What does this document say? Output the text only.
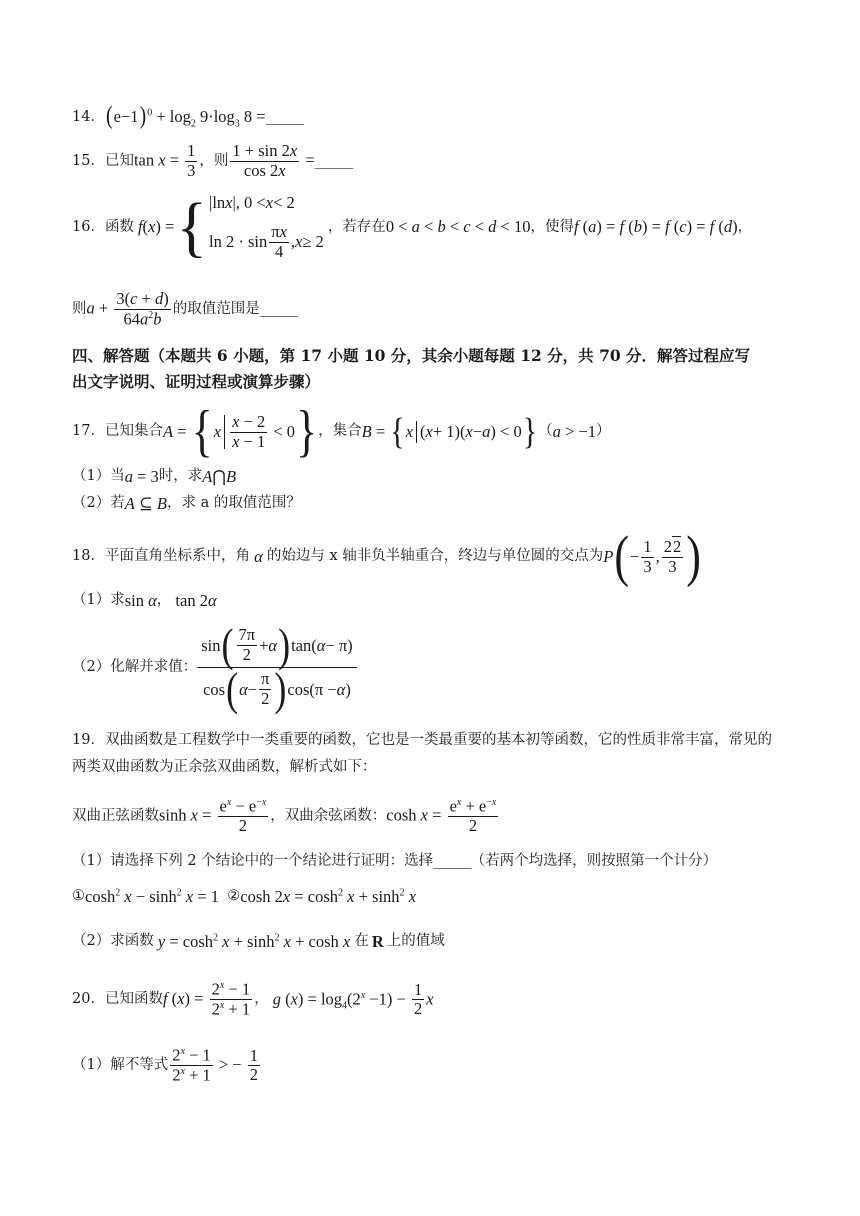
14． $(e-1)^0 + \log_2 9\cdot\log_3$ 8 = ______
15． 已知 $\tan x = \frac{1}{3}$ ，则 $\frac{1 + \sin 2x}{\cos 2x}$ = ______
16． 函数 f ( x ) = { |ln x |, 0 < x < 2
$\ln 2 \cdot \sin \frac{\pi x}{4}$ , x ≥ 2
，若存在 0 < a < b < c < d < 10 ，使得 f (a) = f (b) = f (c) = f (d) ，
则 $a + \frac{3(c + d)}{64a^2b}$ 的取值范围是 ______
四、解答题（本题共 6 小题，第 17 小题 10 分，其余小题每题 12 分，共 70 分．解答过程应写
出文字说明、证明过程或演算步骤）
17． 已知集合 A = { x $\frac{x - 2}{x - 1} < 0$ } ，集合 B = { x ( x + 1)( x − a ) < 0 } （ a > −1 ）
（1）当 a = 3 时，求 A⋂B
（2）若 A ⊆ B ，求 a 的取值范围？
18． 平面直角坐标系中，角 α 的始边与 x 轴非负半轴重合，终边与单位圆的交点为 P ( − $\frac{1}{3}$ , $\frac{22}{3}$ )
（1）求 sin α ， tan 2α
（2）化解并求值：
sin ( $\frac{7\pi}{2} + \alpha$ ) tan( α − π)
cos ( $\alpha - \frac{\pi}{2}$ ) cos(π − α )
19．双曲函数是工程数学中一类重要的函数，它也是一类最重要的基本初等函数，它的性质非常丰富，常见的
两类双曲函数为正余弦双曲函数，解析式如下：
双曲正弦函数 $\sinh x = \frac{e^x - e^{-x}}{2}$ ，双曲余弦函数： $\cosh x = \frac{e^x + e^{-x}}{2}$
（1）请选择下列 2 个结论中的一个结论进行证明：选择 ______ （若两个均选择，则按照第一个计分）
① $\cosh^2 x - \sinh^2 x = 1$ ② $\cosh 2x = \cosh^2 x + \sinh^2 x$
（2）求函数 $y = \cosh^2 x + \sinh^2 x + \cosh x$ 在 R 上的值域
20． 已知函数 f $(x) = \frac{2^x - 1}{2^x + 1}$ ， g $(x) = \log_4(2^x -1) - \frac{1}{2}$ x
（1）解不等式 $\frac{2^x - 1}{2^x + 1}$ > − $\frac{1}{2}$
